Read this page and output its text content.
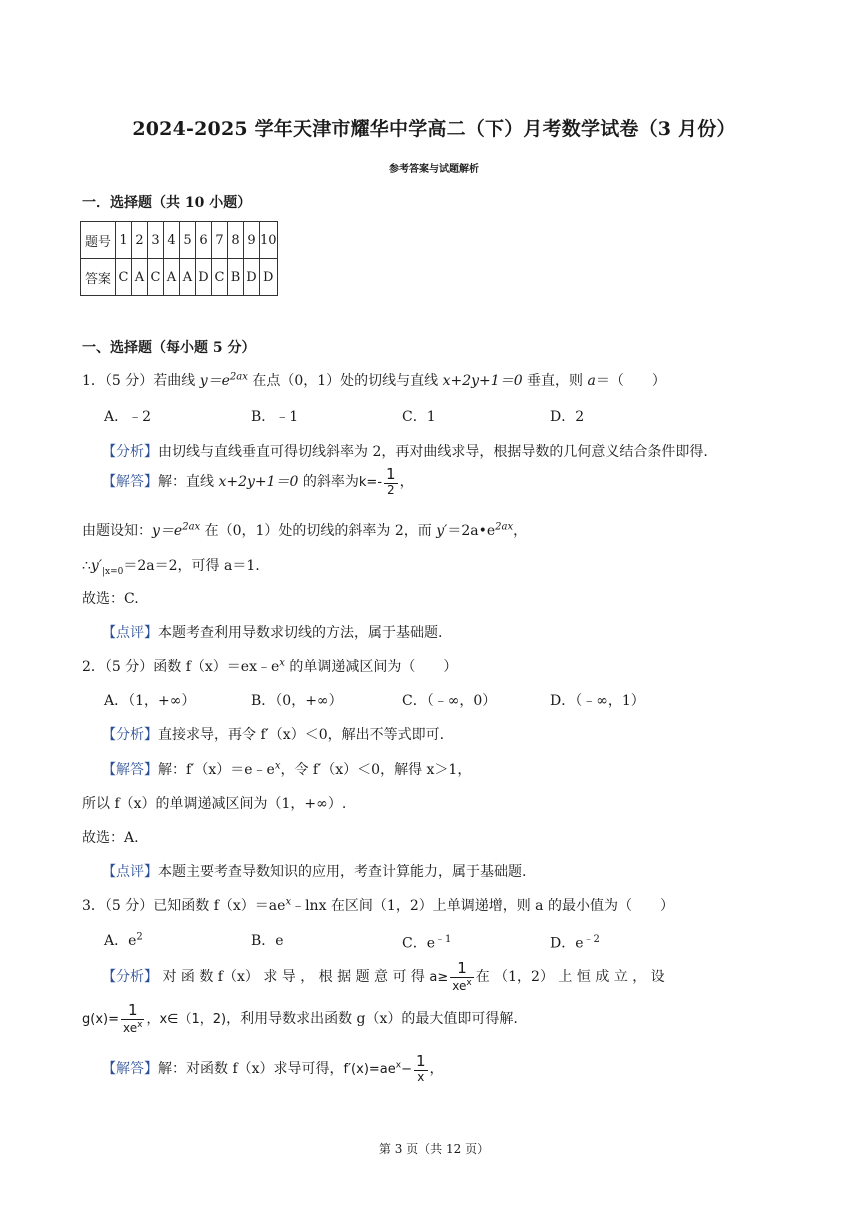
2024-2025 学年天津市耀华中学高二（下）月考数学试卷（3 月份）
参考答案与试题解析
一．选择题（共 10 小题）
题号	1	2	3	4	5	6	7	8	9	10
答案	C	A	C	A	A	D	C	B	D	D
一、选择题（每小题 5 分）
1．（5 分）若曲线 $y=e^{2ax}$ 在点（0，1）处的切线与直线 x+2y+1＝0 垂直，则 a＝（　　）
A．﹣2	B．﹣1	C．1	D．2
【分析】由切线与直线垂直可得切线斜率为 2，再对曲线求导，根据导数的几何意义结合条件即得.
【解答】解：直线 x+2y+1＝0 的斜率为$k=- \frac{1}{2}$ ，
由题设知：$y=e^{2ax}$ 在（0，1）处的切线的斜率为 2，而 $y'=2a•e^{2ax}$，
$\therefore y'_{|x=0}=2a=2$，可得 a＝1.
故选：C.
【点评】本题考查利用导数求切线的方法，属于基础题.
2．（5 分）函数 $f(x)=ex﹣e^x$ 的单调递减区间为（　　）
A．（1，+∞）	B．（0，+∞）	C．（﹣∞，0）	D．（﹣∞，1）
【分析】直接求导，再令 f′（x）＜0，解出不等式即可.
【解答】解：$f'(x)=e﹣e^x$，令 f′（x）＜0，解得 x＞1，
所以 f（x）的单调递减区间为（1，+∞）.
故选：A.
【点评】本题主要考查导数知识的应用，考查计算能力，属于基础题.
3．（5 分）已知函数 $f(x)=ae^x﹣\ln x$ 在区间（1，2）上单调递增，则 a 的最小值为（　　）
A．$e^2$	B．e	C．$e^{﹣1}$	D．$e^{﹣2}$
【分析】 对 函 数 f（x） 求 导 ， 根 据 题 意 可 得 $a\ge \frac{1}{xe^x}$ 在 （1，2） 上 恒 成 立 ， 设
$g(x)= \frac{1}{xe^x}$ ，x∈（1，2)，利用导数求出函数 g（x）的最大值即可得解.
【解答】解：对函数 f（x）求导可得，$f'(x)=ae^x- \frac{1}{x}$ ，
第 3 页（共 12 页）
